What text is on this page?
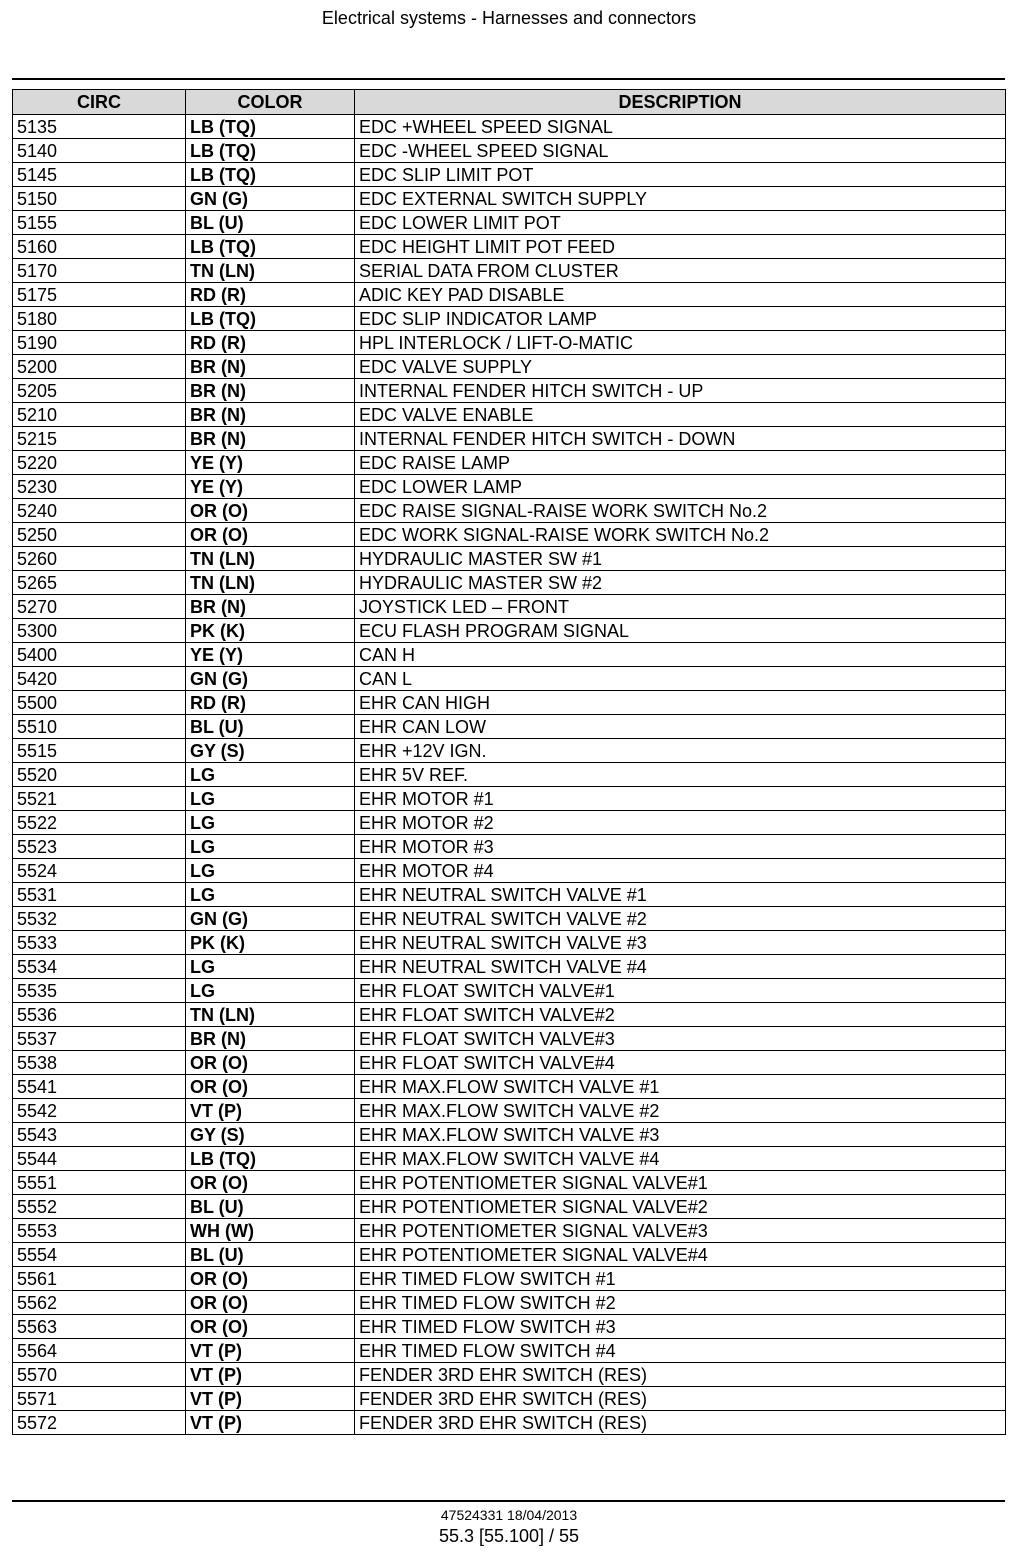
Electrical systems - Harnesses and connectors
CIRC	COLOR	DESCRIPTION
5135	LB (TQ)	EDC +WHEEL SPEED SIGNAL
5140	LB (TQ)	EDC -WHEEL SPEED SIGNAL
5145	LB (TQ)	EDC SLIP LIMIT POT
5150	GN (G)	EDC EXTERNAL SWITCH SUPPLY
5155	BL (U)	EDC LOWER LIMIT POT
5160	LB (TQ)	EDC HEIGHT LIMIT POT FEED
5170	TN (LN)	SERIAL DATA FROM CLUSTER
5175	RD (R)	ADIC KEY PAD DISABLE
5180	LB (TQ)	EDC SLIP INDICATOR LAMP
5190	RD (R)	HPL INTERLOCK / LIFT-O-MATIC
5200	BR (N)	EDC VALVE SUPPLY
5205	BR (N)	INTERNAL FENDER HITCH SWITCH - UP
5210	BR (N)	EDC VALVE ENABLE
5215	BR (N)	INTERNAL FENDER HITCH SWITCH - DOWN
5220	YE (Y)	EDC RAISE LAMP
5230	YE (Y)	EDC LOWER LAMP
5240	OR (O)	EDC RAISE SIGNAL-RAISE WORK SWITCH No.2
5250	OR (O)	EDC WORK SIGNAL-RAISE WORK SWITCH No.2
5260	TN (LN)	HYDRAULIC MASTER SW #1
5265	TN (LN)	HYDRAULIC MASTER SW #2
5270	BR (N)	JOYSTICK LED – FRONT
5300	PK (K)	ECU FLASH PROGRAM SIGNAL
5400	YE (Y)	CAN H
5420	GN (G)	CAN L
5500	RD (R)	EHR CAN HIGH
5510	BL (U)	EHR CAN LOW
5515	GY (S)	EHR +12V IGN.
5520	LG	EHR 5V REF.
5521	LG	EHR MOTOR #1
5522	LG	EHR MOTOR #2
5523	LG	EHR MOTOR #3
5524	LG	EHR MOTOR #4
5531	LG	EHR NEUTRAL SWITCH VALVE #1
5532	GN (G)	EHR NEUTRAL SWITCH VALVE #2
5533	PK (K)	EHR NEUTRAL SWITCH VALVE #3
5534	LG	EHR NEUTRAL SWITCH VALVE #4
5535	LG	EHR FLOAT SWITCH VALVE#1
5536	TN (LN)	EHR FLOAT SWITCH VALVE#2
5537	BR (N)	EHR FLOAT SWITCH VALVE#3
5538	OR (O)	EHR FLOAT SWITCH VALVE#4
5541	OR (O)	EHR MAX.FLOW SWITCH VALVE #1
5542	VT (P)	EHR MAX.FLOW SWITCH VALVE #2
5543	GY (S)	EHR MAX.FLOW SWITCH VALVE #3
5544	LB (TQ)	EHR MAX.FLOW SWITCH VALVE #4
5551	OR (O)	EHR POTENTIOMETER SIGNAL VALVE#1
5552	BL (U)	EHR POTENTIOMETER SIGNAL VALVE#2
5553	WH (W)	EHR POTENTIOMETER SIGNAL VALVE#3
5554	BL (U)	EHR POTENTIOMETER SIGNAL VALVE#4
5561	OR (O)	EHR TIMED FLOW SWITCH #1
5562	OR (O)	EHR TIMED FLOW SWITCH #2
5563	OR (O)	EHR TIMED FLOW SWITCH #3
5564	VT (P)	EHR TIMED FLOW SWITCH #4
5570	VT (P)	FENDER 3RD EHR SWITCH (RES)
5571	VT (P)	FENDER 3RD EHR SWITCH (RES)
5572	VT (P)	FENDER 3RD EHR SWITCH (RES)
47524331 18/04/2013
55.3 [55.100] / 55
